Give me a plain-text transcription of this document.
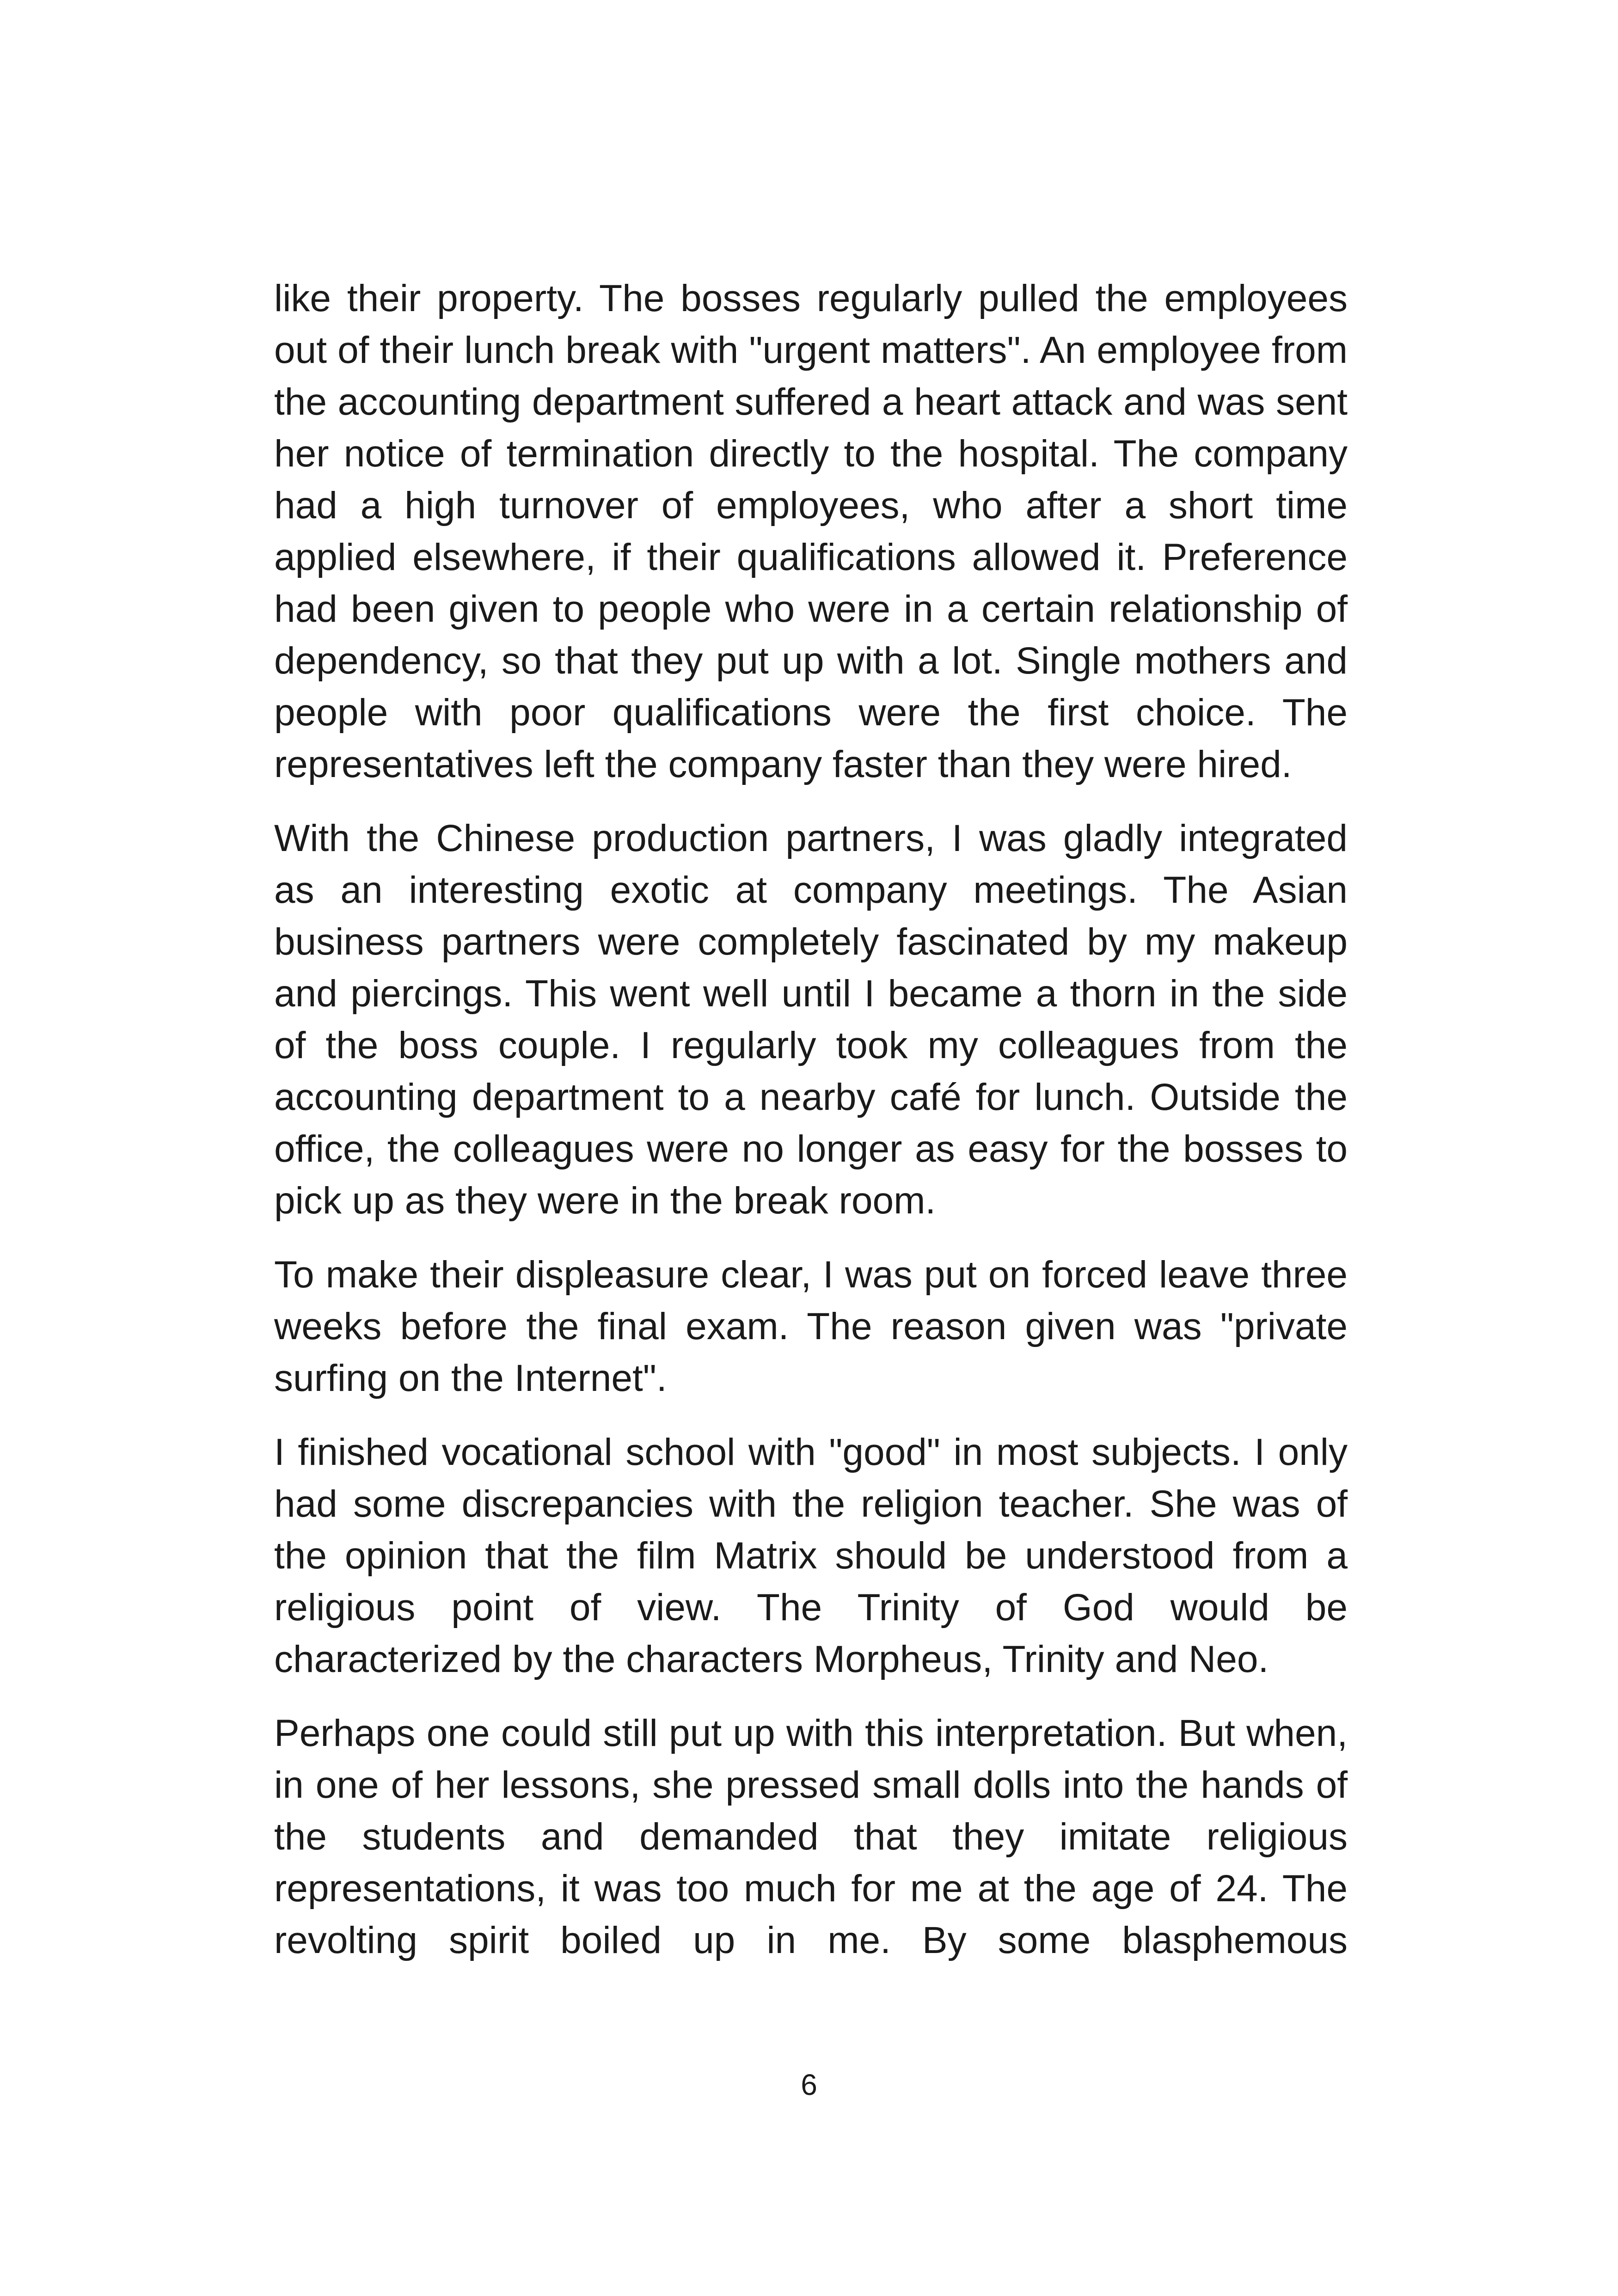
like their property. The bosses regularly pulled the employees out of their lunch break with "urgent matters". An employee from the accounting department suffered a heart attack and was sent her notice of termination directly to the hospital. The company had a high turnover of employees, who after a short time applied elsewhere, if their qualifications allowed it. Preference had been given to people who were in a certain relationship of dependency, so that they put up with a lot. Single mothers and people with poor qualifications were the first choice. The representatives left the company faster than they were hired.

With the Chinese production partners, I was gladly integrated as an interesting exotic at company meetings. The Asian business partners were completely fascinated by my makeup and piercings. This went well until I became a thorn in the side of the boss couple. I regularly took my colleagues from the accounting department to a nearby café for lunch. Outside the office, the colleagues were no longer as easy for the bosses to pick up as they were in the break room.

To make their displeasure clear, I was put on forced leave three weeks before the final exam. The reason given was "private surfing on the Internet".

I finished vocational school with "good" in most subjects. I only had some discrepancies with the religion teacher. She was of the opinion that the film Matrix should be understood from a religious point of view. The Trinity of God would be characterized by the characters Morpheus, Trinity and Neo.

Perhaps one could still put up with this interpretation. But when, in one of her lessons, she pressed small dolls into the hands of the students and demanded that they imitate religious representations, it was too much for me at the age of 24. The revolting spirit boiled up in me. By some blasphemous

6
